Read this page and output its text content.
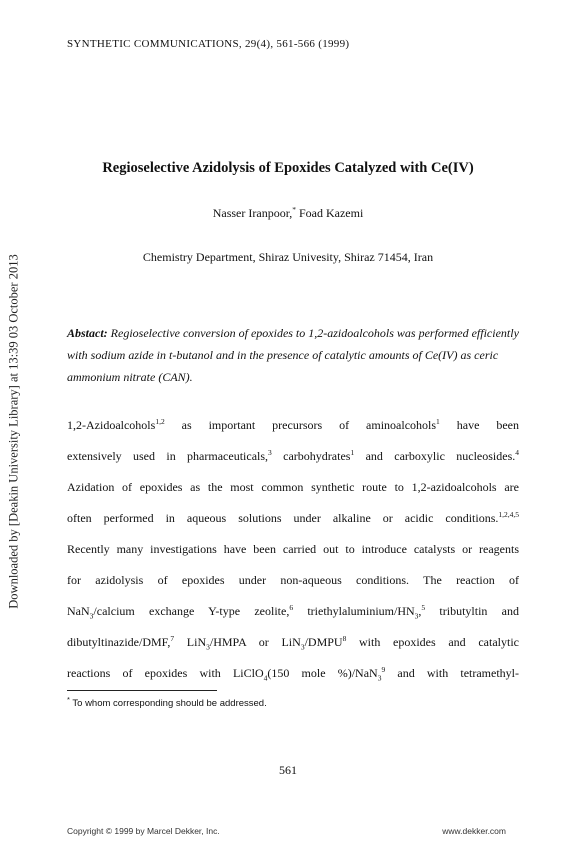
SYNTHETIC COMMUNICATIONS, 29(4), 561-566 (1999)
Regioselective Azidolysis of Epoxides Catalyzed with Ce(IV)
Nasser Iranpoor,* Foad Kazemi
Chemistry Department, Shiraz Univesity, Shiraz 71454, Iran
Abstact: Regioselective conversion of epoxides to 1,2-azidoalcohols was performed efficiently with sodium azide in t-butanol and in the presence of catalytic amounts of Ce(IV) as ceric ammonium nitrate (CAN).
1,2-Azidoalcohols$^{1,2}$ as important precursors of aminoalcohols$^1$ have been
extensively used in pharmaceuticals,$^3$ carbohydrates$^1$ and carboxylic nucleosides.$^4$
Azidation of epoxides as the most common synthetic route to 1,2-azidoalcohols are
often performed in aqueous solutions under alkaline or acidic conditions.$^{1,2,4,5}$
Recently many investigations have been carried out to introduce catalysts or reagents
for azidolysis of epoxides under non-aqueous conditions. The reaction of
NaN$_3$/calcium exchange Y-type zeolite,$^6$ triethylaluminium/$HN_3,^5$ tributyltin and
dibutyltinazide/DMF,$^7$ LiN$_3$/HMPA or $LiN_3/DMPU^8$ with epoxides and catalytic
reactions of epoxides with LiClO$_4$(150 mole %)/NaN$_3^9$ and with tetramethyl-
* To whom corresponding should be addressed.
561
Copyright © 1999 by Marcel Dekker, Inc.	www.dekker.com
Downloaded by [Deakin University Library] at 13:39 03 October 2013
